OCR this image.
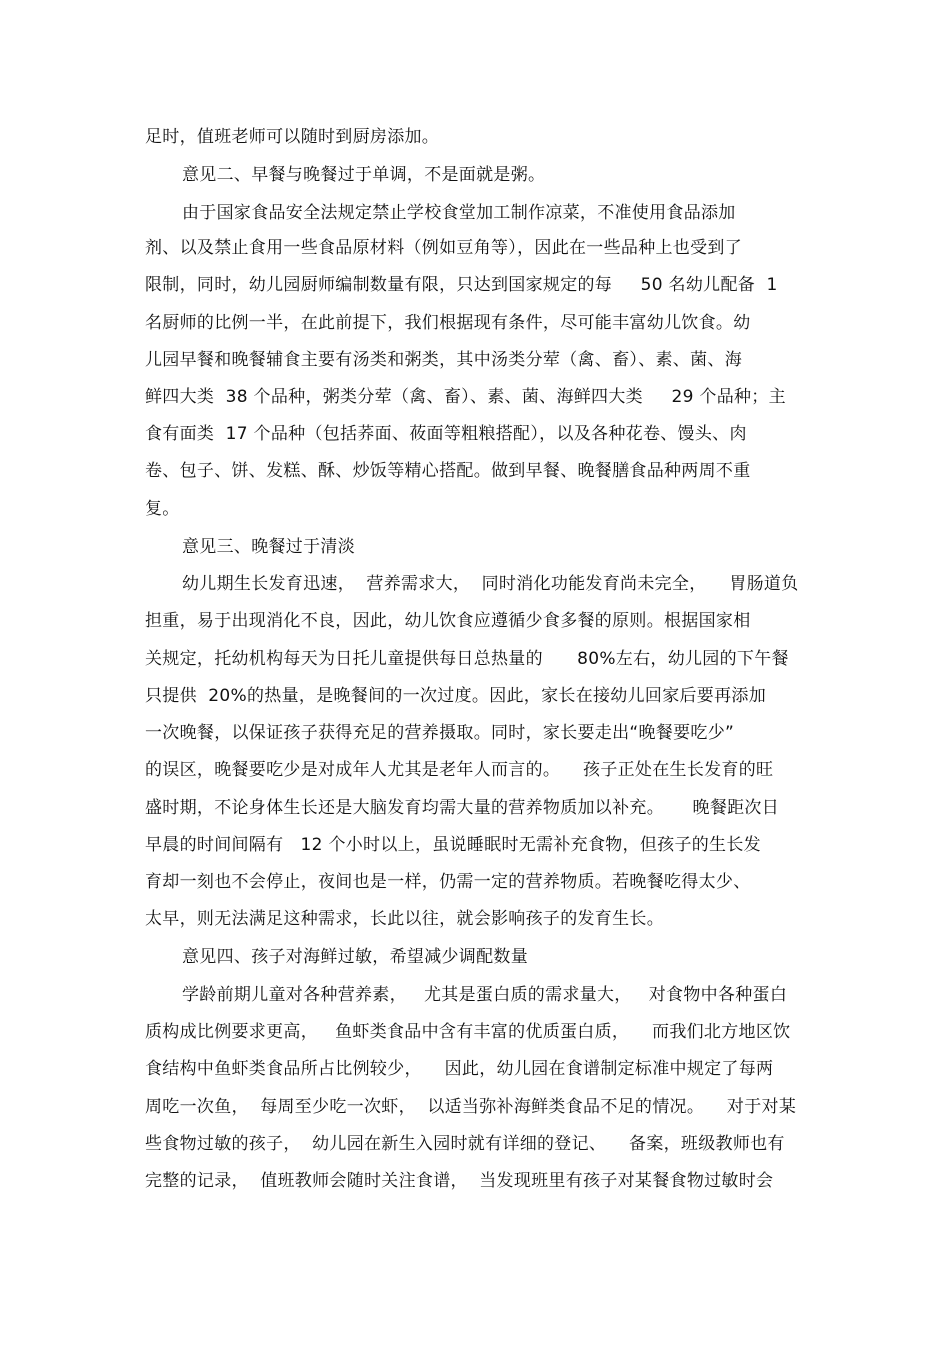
足时，值班老师可以随时到厨房添加。
意见二、早餐与晚餐过于单调，不是面就是粥。
由于国家食品安全法规定禁止学校食堂加工制作凉菜，不准使用食品添加
剂、以及禁止食用一些食品原材料（例如豆角等），因此在一些品种上也受到了
限制，同时，幼儿园厨师编制数量有限，只达到国家规定的每     50 名幼儿配备  1
名厨师的比例一半，在此前提下，我们根据现有条件，尽可能丰富幼儿饮食。幼
儿园早餐和晚餐辅食主要有汤类和粥类，其中汤类分荤（禽、畜）、素、菌、海
鲜四大类  38 个品种，粥类分荤（禽、畜）、素、菌、海鲜四大类     29 个品种；主
食有面类  17 个品种（包括荞面、莜面等粗粮搭配），以及各种花卷、馒头、肉
卷、包子、饼、发糕、酥、炒饭等精心搭配。做到早餐、晚餐膳食品种两周不重
复。
意见三、晚餐过于清淡
幼儿期生长发育迅速，  营养需求大，  同时消化功能发育尚未完全，    胃肠道负
担重，易于出现消化不良，因此，幼儿饮食应遵循少食多餐的原则。根据国家相
关规定，托幼机构每天为日托儿童提供每日总热量的      80%左右，幼儿园的下午餐
只提供  20%的热量，是晚餐间的一次过度。因此，家长在接幼儿回家后要再添加
一次晚餐，以保证孩子获得充足的营养摄取。同时，家长要走出“晚餐要吃少”
的误区，晚餐要吃少是对成年人尤其是老年人而言的。    孩子正处在生长发育的旺
盛时期，不论身体生长还是大脑发育均需大量的营养物质加以补充。     晚餐距次日
早晨的时间间隔有   12 个小时以上，虽说睡眠时无需补充食物，但孩子的生长发
育却一刻也不会停止，夜间也是一样，仍需一定的营养物质。若晚餐吃得太少、
太早，则无法满足这种需求，长此以往，就会影响孩子的发育生长。
意见四、孩子对海鲜过敏，希望减少调配数量
学龄前期儿童对各种营养素，   尤其是蛋白质的需求量大，   对食物中各种蛋白
质构成比例要求更高，   鱼虾类食品中含有丰富的优质蛋白质，    而我们北方地区饮
食结构中鱼虾类食品所占比例较少，    因此，幼儿园在食谱制定标准中规定了每两
周吃一次鱼，  每周至少吃一次虾，  以适当弥补海鲜类食品不足的情况。    对于对某
些食物过敏的孩子，  幼儿园在新生入园时就有详细的登记、    备案，班级教师也有
完整的记录，  值班教师会随时关注食谱，  当发现班里有孩子对某餐食物过敏时会
